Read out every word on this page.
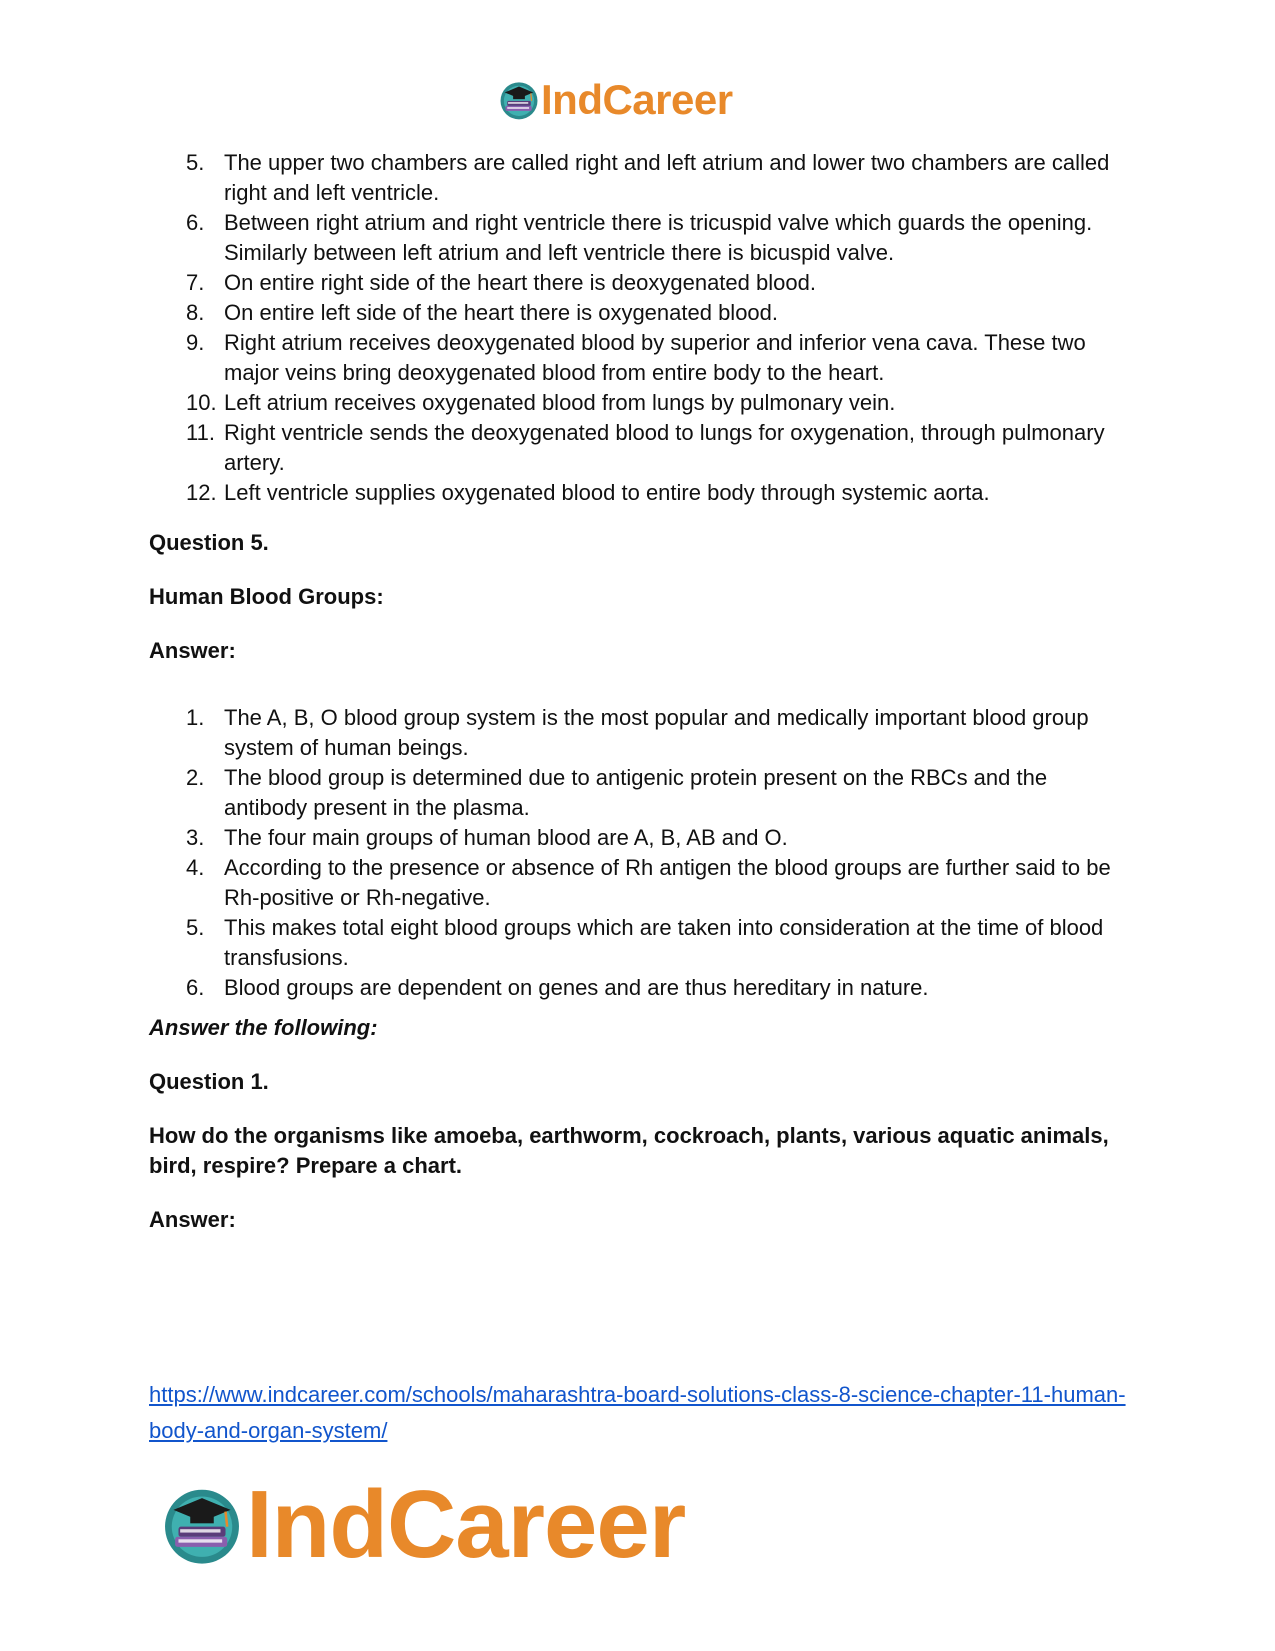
IndCareer
5. The upper two chambers are called right and left atrium and lower two chambers are called right and left ventricle.
6. Between right atrium and right ventricle there is tricuspid valve which guards the opening. Similarly between left atrium and left ventricle there is bicuspid valve.
7. On entire right side of the heart there is deoxygenated blood.
8. On entire left side of the heart there is oxygenated blood.
9. Right atrium receives deoxygenated blood by superior and inferior vena cava. These two major veins bring deoxygenated blood from entire body to the heart.
10. Left atrium receives oxygenated blood from lungs by pulmonary vein.
11. Right ventricle sends the deoxygenated blood to lungs for oxygenation, through pulmonary artery.
12. Left ventricle supplies oxygenated blood to entire body through systemic aorta.

Question 5.

Human Blood Groups:

Answer:

1. The A, B, O blood group system is the most popular and medically important blood group system of human beings.
2. The blood group is determined due to antigenic protein present on the RBCs and the antibody present in the plasma.
3. The four main groups of human blood are A, B, AB and O.
4. According to the presence or absence of Rh antigen the blood groups are further said to be Rh-positive or Rh-negative.
5. This makes total eight blood groups which are taken into consideration at the time of blood transfusions.
6. Blood groups are dependent on genes and are thus hereditary in nature.

Answer the following:

Question 1.

How do the organisms like amoeba, earthworm, cockroach, plants, various aquatic animals, bird, respire? Prepare a chart.

Answer:

https://www.indcareer.com/schools/maharashtra-board-solutions-class-8-science-chapter-11-human-body-and-organ-system/
IndCareer
